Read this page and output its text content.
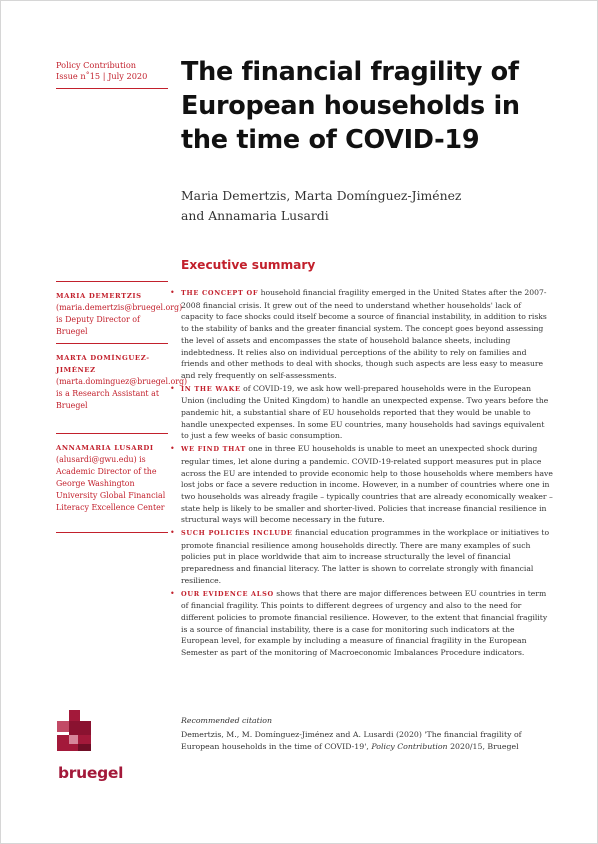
Policy Contribution
Issue n˚15 | July 2020	The financial fragility of European households in the time of COVID-19
Maria Demertzis, Marta Domínguez-Jiménez
and Annamaria Lusardi
Executive summary
MARIA DEMERTZIS (maria.demertzis@bruegel.org) is Deputy Director of Bruegel
MARTA DOMÍNGUEZ-JIMÉNEZ (marta.dominguez@bruegel.org) is a Research Assistant at Bruegel
ANNAMARIA LUSARDI (alusardi@gwu.edu) is Academic Director of the George Washington University Global Financial Literacy Excellence Center
• THE CONCEPT OF household financial fragility emerged in the United States after the 2007-2008 financial crisis. It grew out of the need to understand whether households' lack of capacity to face shocks could itself become a source of financial instability, in addition to risks to the stability of banks and the greater financial system. The concept goes beyond assessing the level of assets and encompasses the state of household balance sheets, including indebtedness. It relies also on individual perceptions of the ability to rely on families and friends and other methods to deal with shocks, though such aspects are less easy to measure and rely frequently on self-assessments.
• IN THE WAKE of COVID-19, we ask how well-prepared households were in the European Union (including the United Kingdom) to handle an unexpected expense. Two years before the pandemic hit, a substantial share of EU households reported that they would be unable to handle unexpected expenses. In some EU countries, many households had savings equivalent to just a few weeks of basic consumption.
• WE FIND THAT one in three EU households is unable to meet an unexpected shock during regular times, let alone during a pandemic. COVID-19-related support measures put in place across the EU are intended to provide economic help to those households where members have lost jobs or face a severe reduction in income. However, in a number of countries where one in two households was already fragile – typically countries that are already economically weaker – state help is likely to be smaller and shorter-lived. Policies that increase financial resilience in structural ways will become necessary in the future.
• SUCH POLICIES INCLUDE financial education programmes in the workplace or initiatives to promote financial resilience among households directly. There are many examples of such policies put in place worldwide that aim to increase structurally the level of financial preparedness and financial literacy. The latter is shown to correlate strongly with financial resilience.
• OUR EVIDENCE ALSO shows that there are major differences between EU countries in term of financial fragility. This points to different degrees of urgency and also to the need for different policies to promote financial resilience. However, to the extent that financial fragility is a source of financial instability, there is a case for monitoring such indicators at the European level, for example by including a measure of financial fragility in the European Semester as part of the monitoring of Macroeconomic Imbalances Procedure indicators.
Recommended citation
Demertzis, M., M. Domínguez-Jiménez and A. Lusardi (2020) 'The financial fragility of European households in the time of COVID-19', Policy Contribution 2020/15, Bruegel
bruegel
